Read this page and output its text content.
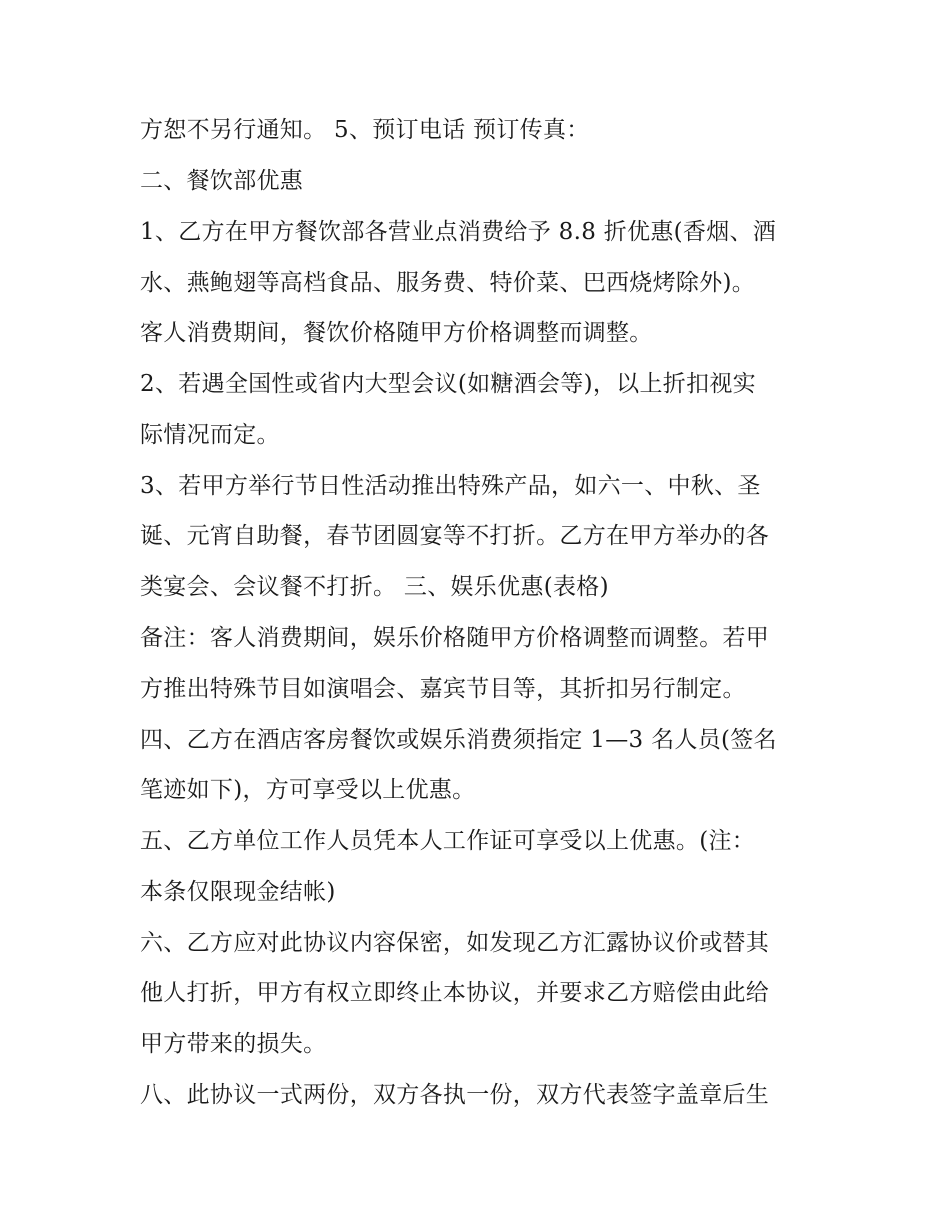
方恕不另行通知。 5、预订电话 预订传真：
二、餐饮部优惠
1、乙方在甲方餐饮部各营业点消费给予 8.8 折优惠(香烟、酒
水、燕鲍翅等高档食品、服务费、特价菜、巴西烧烤除外)。
客人消费期间，餐饮价格随甲方价格调整而调整。
2、若遇全国性或省内大型会议(如糖酒会等)，以上折扣视实
际情况而定。
3、若甲方举行节日性活动推出特殊产品，如六一、中秋、圣
诞、元宵自助餐，春节团圆宴等不打折。乙方在甲方举办的各
类宴会、会议餐不打折。 三、娱乐优惠(表格)
备注：客人消费期间，娱乐价格随甲方价格调整而调整。若甲
方推出特殊节目如演唱会、嘉宾节目等，其折扣另行制定。
四、乙方在酒店客房餐饮或娱乐消费须指定 1—3 名人员(签名
笔迹如下)，方可享受以上优惠。
五、乙方单位工作人员凭本人工作证可享受以上优惠。(注：
本条仅限现金结帐)
六、乙方应对此协议内容保密，如发现乙方汇露协议价或替其
他人打折，甲方有权立即终止本协议，并要求乙方赔偿由此给
甲方带来的损失。
八、此协议一式两份，双方各执一份，双方代表签字盖章后生
